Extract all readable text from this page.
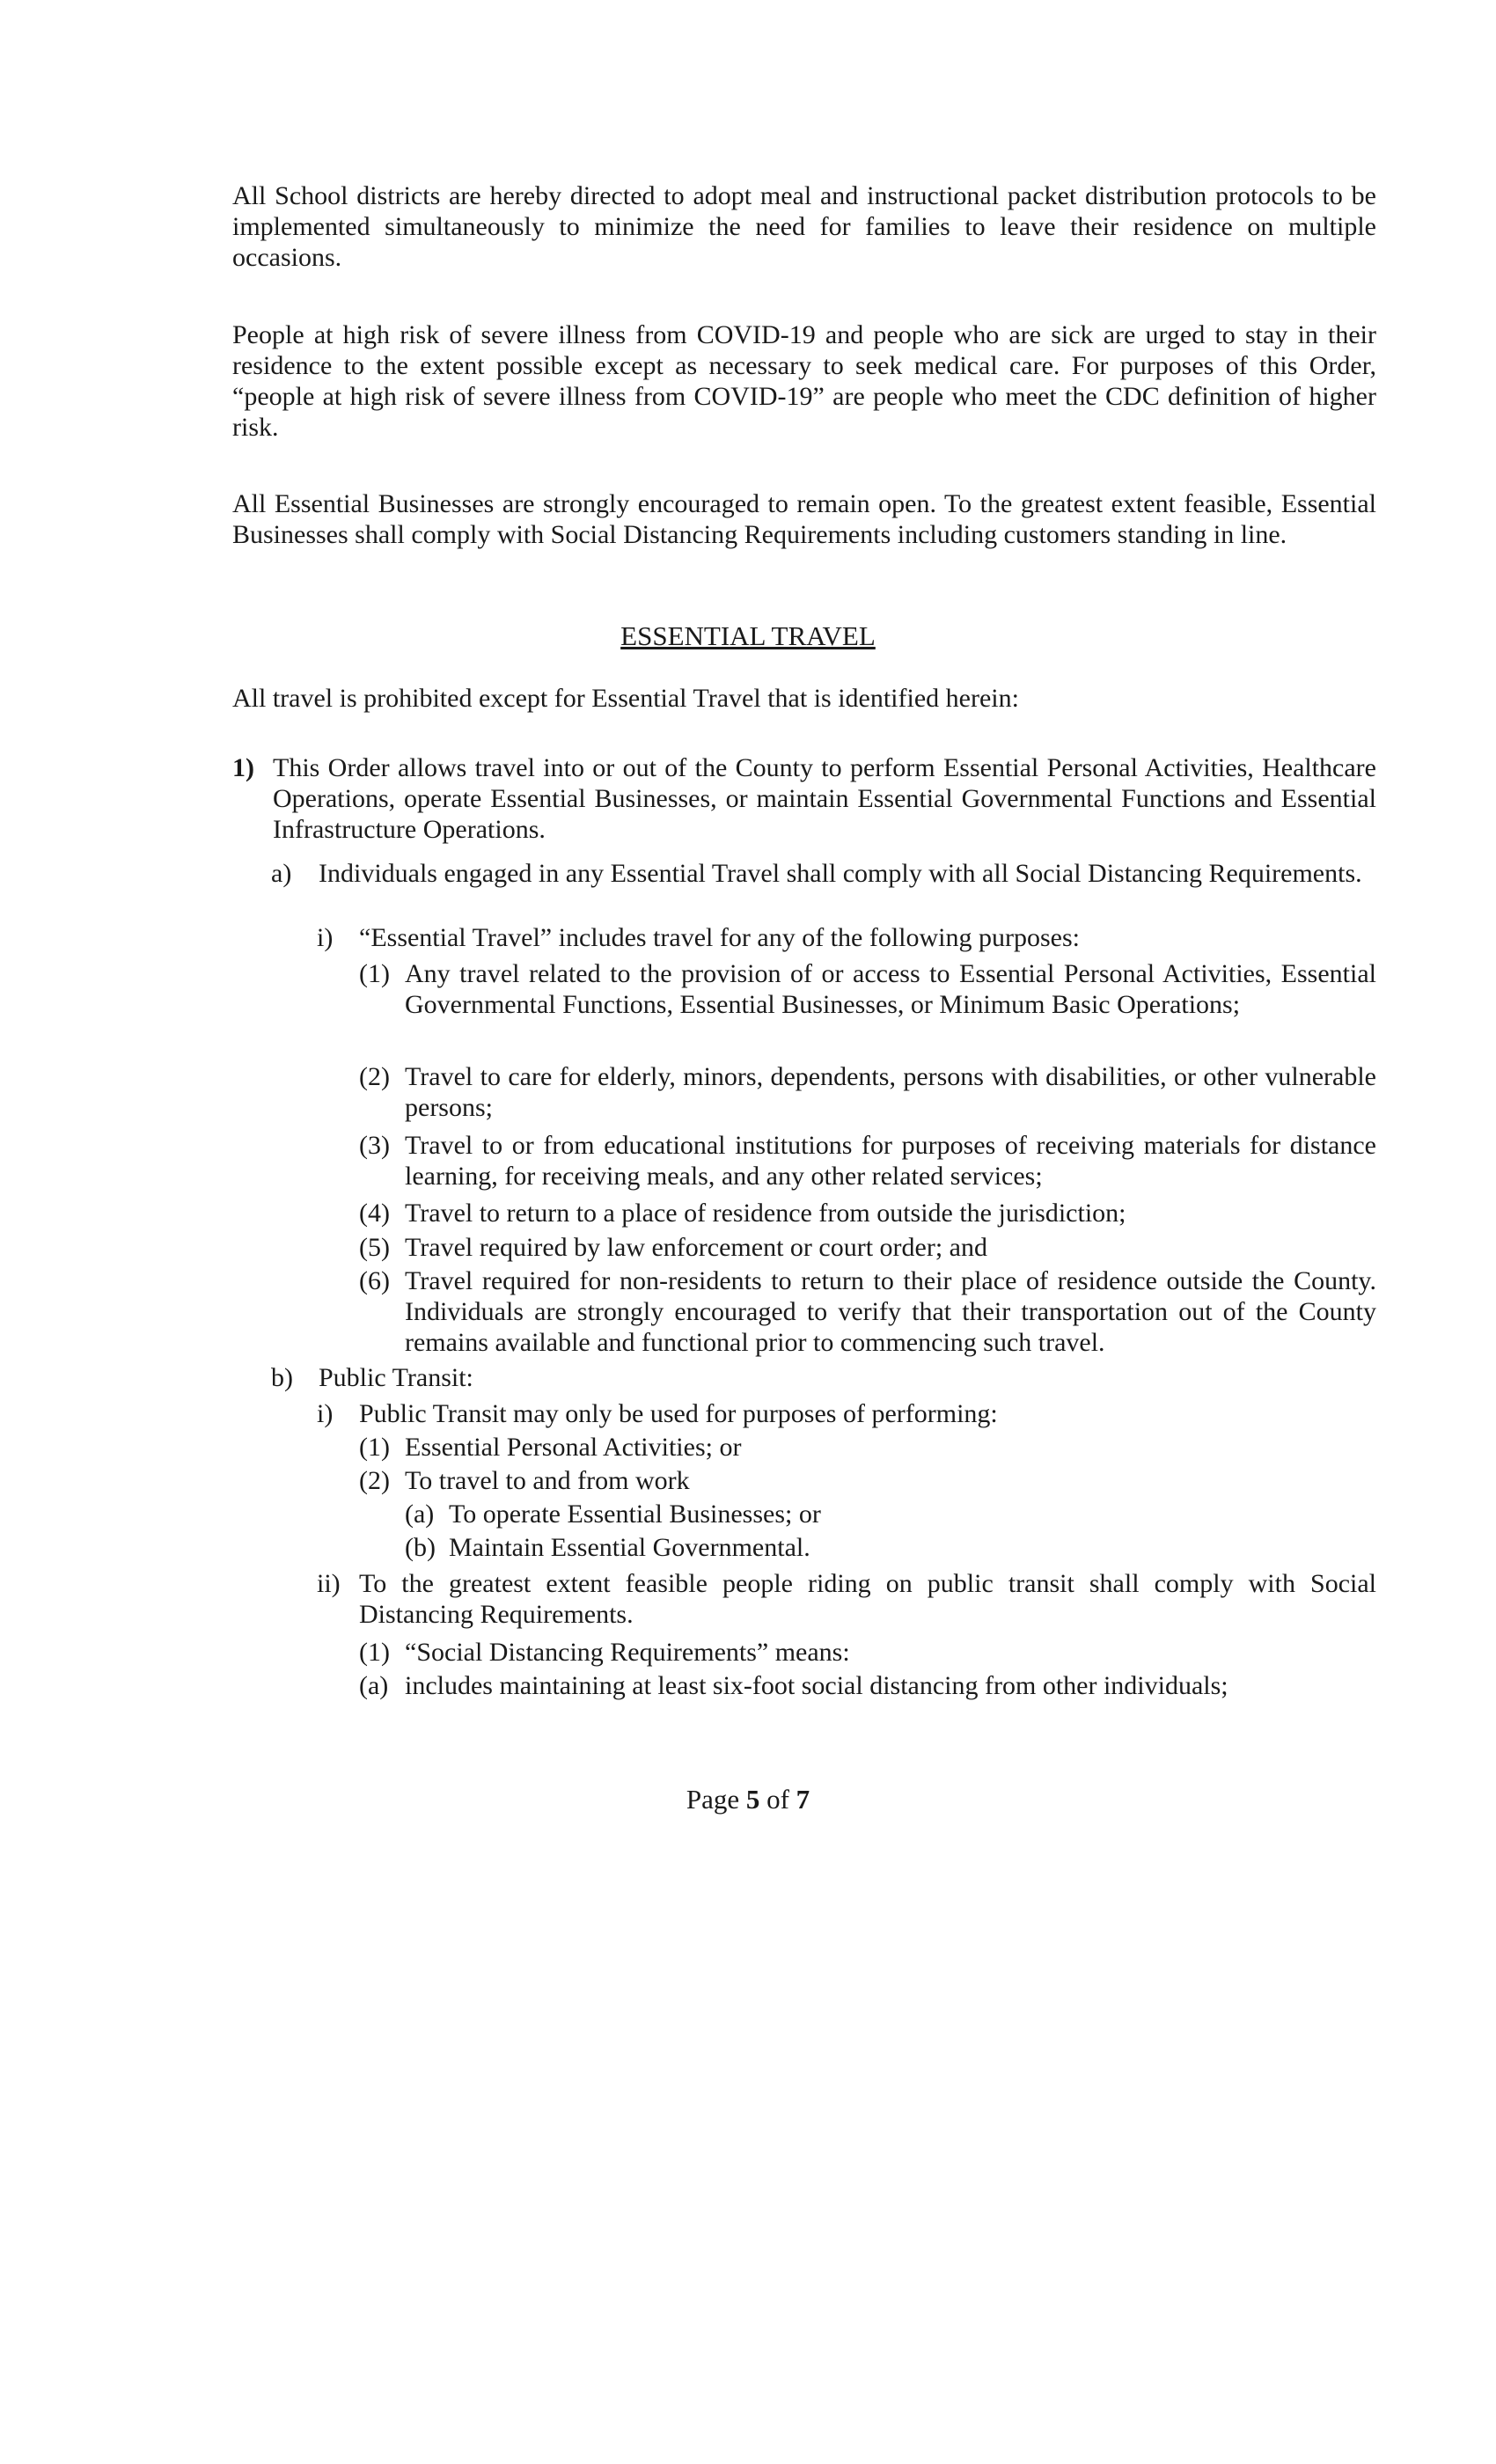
All School districts are hereby directed to adopt meal and instructional packet distribution protocols to be implemented simultaneously to minimize the need for families to leave their residence on multiple occasions.
People at high risk of severe illness from COVID-19 and people who are sick are urged to stay in their residence to the extent possible except as necessary to seek medical care. For purposes of this Order, “people at high risk of severe illness from COVID-19” are people who meet the CDC definition of higher risk.
All Essential Businesses are strongly encouraged to remain open. To the greatest extent feasible, Essential Businesses shall comply with Social Distancing Requirements including customers standing in line.
ESSENTIAL TRAVEL
All travel is prohibited except for Essential Travel that is identified herein:
1) This Order allows travel into or out of the County to perform Essential Personal Activities, Healthcare Operations, operate Essential Businesses, or maintain Essential Governmental Functions and Essential Infrastructure Operations.
a) Individuals engaged in any Essential Travel shall comply with all Social Distancing Requirements.
i) “Essential Travel” includes travel for any of the following purposes:
(1) Any travel related to the provision of or access to Essential Personal Activities, Essential Governmental Functions, Essential Businesses, or Minimum Basic Operations;
(2) Travel to care for elderly, minors, dependents, persons with disabilities, or other vulnerable persons;
(3) Travel to or from educational institutions for purposes of receiving materials for distance learning, for receiving meals, and any other related services;
(4) Travel to return to a place of residence from outside the jurisdiction;
(5) Travel required by law enforcement or court order; and
(6) Travel required for non-residents to return to their place of residence outside the County. Individuals are strongly encouraged to verify that their transportation out of the County remains available and functional prior to commencing such travel.
b) Public Transit:
i) Public Transit may only be used for purposes of performing:
(1) Essential Personal Activities; or
(2) To travel to and from work
(a) To operate Essential Businesses; or
(b) Maintain Essential Governmental.
ii) To the greatest extent feasible people riding on public transit shall comply with Social Distancing Requirements.
(1) “Social Distancing Requirements” means:
(a) includes maintaining at least six-foot social distancing from other individuals;
Page 5 of 7
